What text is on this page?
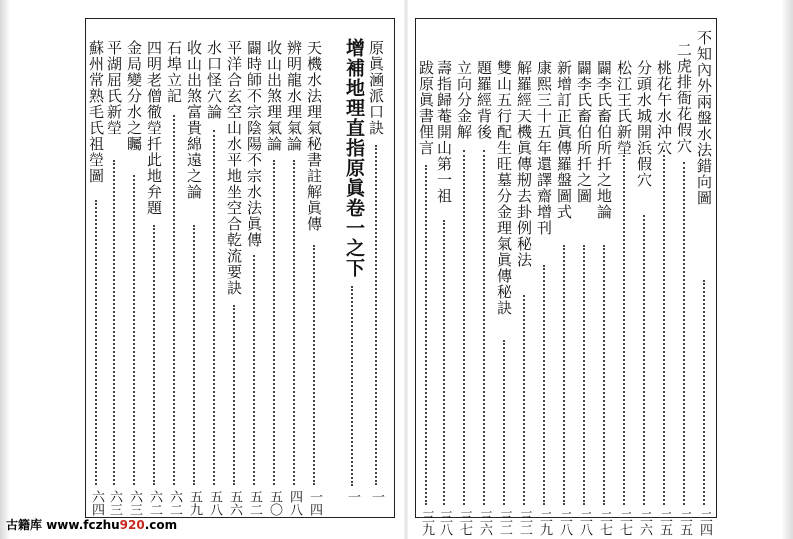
不知內外兩盤水法錯向圖
二四
二虎排衙花假穴
二五
桃花午水沖穴
二五
分頭水城開浜假穴
二六
松江王氏新塋
二七
闢李氏畜伯所扦之地論
二七
闢李氏畜伯所扦之圖
二八
新增訂正眞傳羅盤圖式
二八
康熙三十五年還譯齋增刊
二九
解羅經天機眞傳剏去卦例秘法
三二
雙山五行配生旺墓分金理氣眞傳秘訣
三二
題羅經背後
三六
立向分金解
三七
壽指歸菴開山第一祖
三八
跋原眞書俚言
三九
原眞㴠派口訣
一
增補地理直指原眞卷一之下
一
天機水法理氣秘書註解眞傳
一四
辨明龍水理氣論
四八
收山出煞理氣論
五〇
闢時師不宗陰陽不宗水法眞傳
五二
平洋合玄空山水平地坐空合乾流要訣
五六
水口怪穴論
五八
收山出煞富貴綿遠之論
五九
石埠立記
六二
四明老僧徹塋扦此地弁題
六二
金局變分水之矚
六三
平湖屈氏新塋
六三
蘇州常熟毛氏祖塋圖
六四
古籍库 www.fczhu920.com
